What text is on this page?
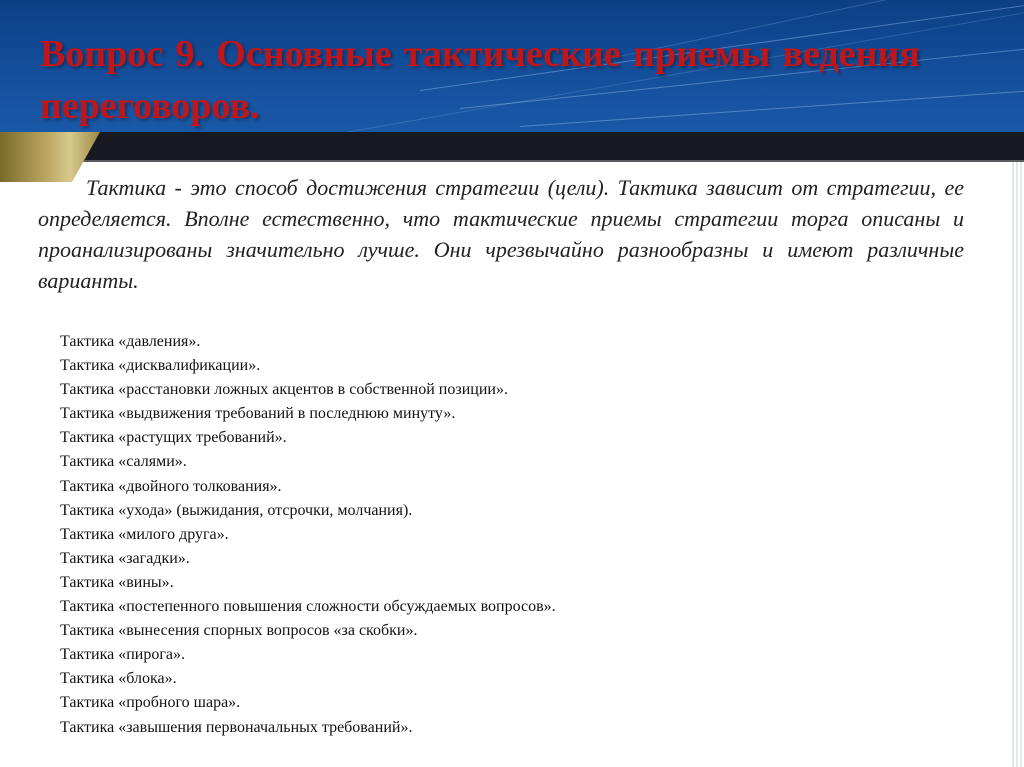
Вопрос 9. Основные тактические приемы ведения переговоров.

Тактика - это способ достижения стратегии (цели). Тактика зависит от стратегии, ее определяется. Вполне естественно, что тактические приемы стратегии торга описаны и проанализированы значительно лучше. Они чрезвычайно разнообразны и имеют различные варианты.

Тактика «давления».
Тактика «дисквалификации».
Тактика «расстановки ложных акцентов в собственной позиции».
Тактика «выдвижения требований в последнюю минуту».
Тактика «растущих требований».
Тактика «салями».
Тактика «двойного толкования».
Тактика «ухода» (выжидания, отсрочки, молчания).
Тактика «милого друга».
Тактика «загадки».
Тактика «вины».
Тактика «постепенного повышения сложности обсуждаемых вопросов».
Тактика «вынесения спорных вопросов «за скобки».
Тактика «пирога».
Тактика «блока».
Тактика «пробного шара».
Тактика «завышения первоначальных требований».
